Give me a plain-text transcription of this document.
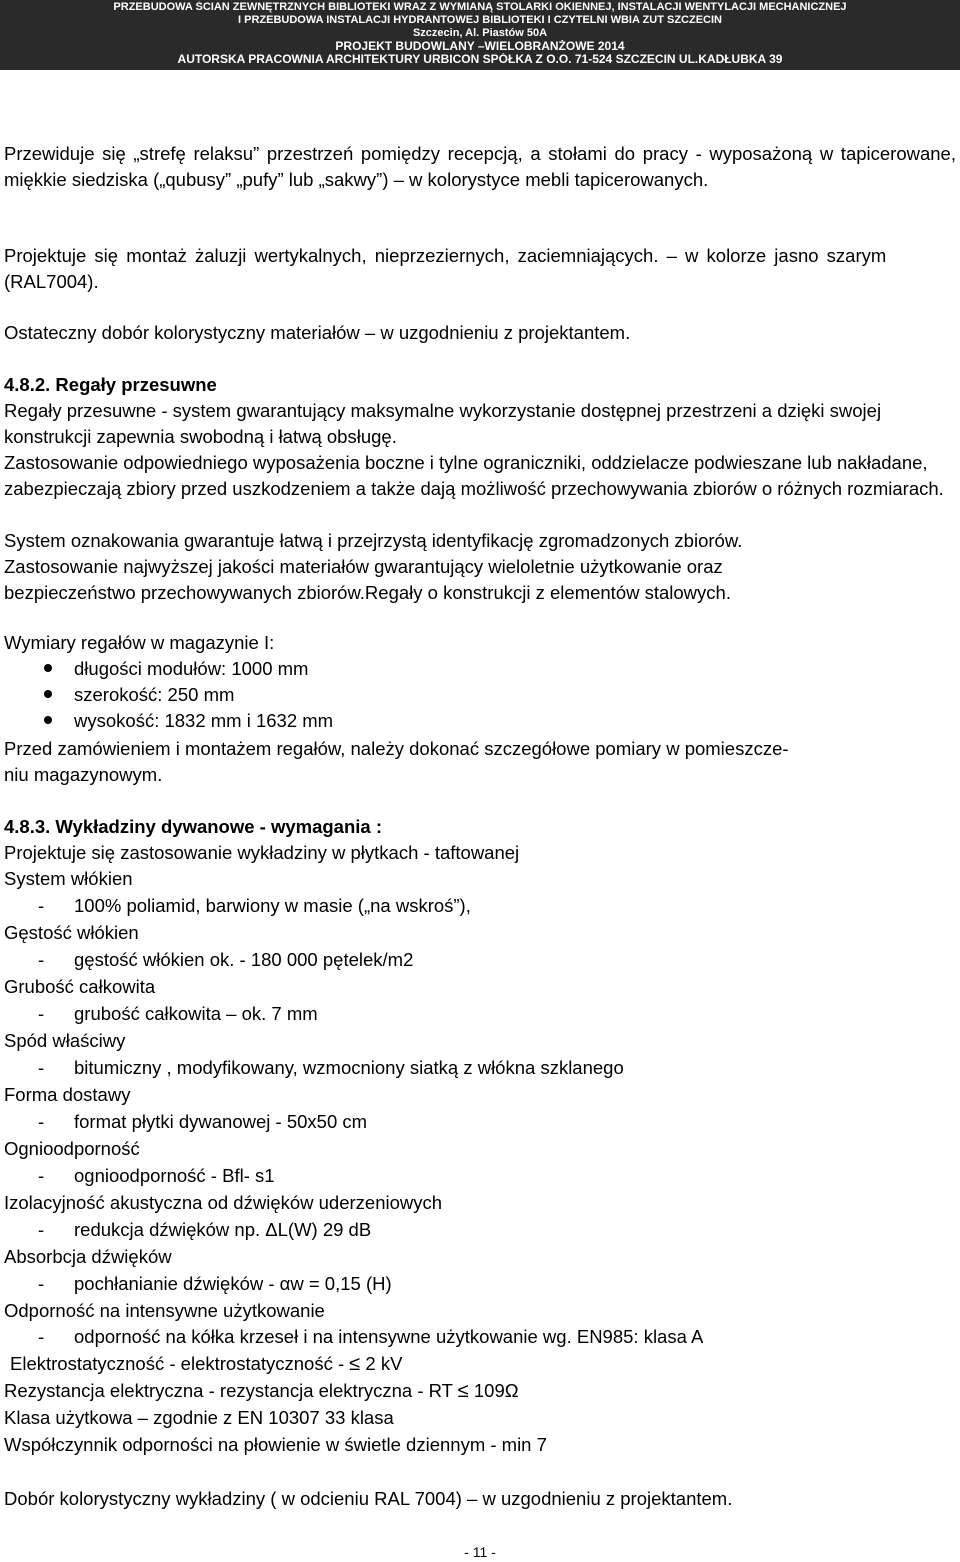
PRZEBUDOWA ŚCIAN ZEWNĘTRZNYCH BIBLIOTEKI WRAZ Z WYMIANĄ STOLARKI OKIENNEJ, INSTALACJI WENTYLACJI MECHANICZNEJ
I PRZEBUDOWA INSTALACJI HYDRANTOWEJ BIBLIOTEKI I CZYTELNI WBIA ZUT SZCZECIN
Szczecin, Al. Piastów 50A
PROJEKT BUDOWLANY –WIELOBRANŻOWE 2014
AUTORSKA PRACOWNIA ARCHITEKTURY URBICON SPÓŁKA Z O.O. 71-524 SZCZECIN UL.KADŁUBKA 39
Przewiduje się „strefę relaksu” przestrzeń pomiędzy recepcją, a stołami do pracy - wyposażoną w tapicerowane, miękkie siedziska („qubusy” „pufy” lub „sakwy”) – w kolorystyce mebli tapicerowanych.
Projektuje się montaż żaluzji wertykalnych, nieprzeziernych, zaciemniających. – w kolorze jasno szarym (RAL7004).
Ostateczny dobór kolorystyczny materiałów – w uzgodnieniu z projektantem.
4.8.2. Regały przesuwne
Regały przesuwne - system gwarantujący maksymalne wykorzystanie dostępnej przestrzeni a dzięki swojej konstrukcji zapewnia swobodną i łatwą obsługę.
Zastosowanie odpowiedniego wyposażenia boczne i tylne ograniczniki, oddzielacze podwieszane lub nakładane, zabezpieczają zbiory przed uszkodzeniem a także dają możliwość przechowywania zbiorów o różnych rozmiarach.
System oznakowania gwarantuje łatwą i przejrzystą identyfikację zgromadzonych zbiorów.
Zastosowanie najwyższej jakości materiałów gwarantujący wieloletnie użytkowanie oraz
bezpieczeństwo przechowywanych zbiorów.Regały o konstrukcji z elementów stalowych.
Wymiary regałów w magazynie I:
długości modułów: 1000 mm
szerokość: 250 mm
wysokość: 1832 mm i 1632 mm
Przed zamówieniem i montażem regałów, należy dokonać szczegółowe pomiary w pomieszcze-
niu magazynowym.
4.8.3. Wykładziny dywanowe - wymagania :
Projektuje się zastosowanie wykładziny w płytkach - taftowanej
System włókien
- 100% poliamid, barwiony w masie („na wskroś”),
Gęstość włókien
- gęstość włókien ok. - 180 000 pętelek/m2
Grubość całkowita
- grubość całkowita – ok. 7 mm
Spód właściwy
- bitumiczny , modyfikowany, wzmocniony siatką z włókna szklanego
Forma dostawy
- format płytki dywanowej - 50x50 cm
Ognioodporność
- ognioodporność - Bfl- s1
Izolacyjność akustyczna od dźwięków uderzeniowych
- redukcja dźwięków np. ΔL(W) 29 dB
Absorbcja dźwięków
- pochłanianie dźwięków - αw = 0,15 (H)
Odporność na intensywne użytkowanie
- odporność na kółka krzeseł i na intensywne użytkowanie wg. EN985: klasa A
Elektrostatyczność - elektrostatyczność - ≤ 2 kV
Rezystancja elektryczna - rezystancja elektryczna - RT ≤ 109Ω
Klasa użytkowa – zgodnie z EN 10307 33 klasa
Współczynnik odporności na płowienie w świetle dziennym - min 7
Dobór kolorystyczny wykładziny ( w odcieniu RAL 7004) – w uzgodnieniu z projektantem.
- 11 -
